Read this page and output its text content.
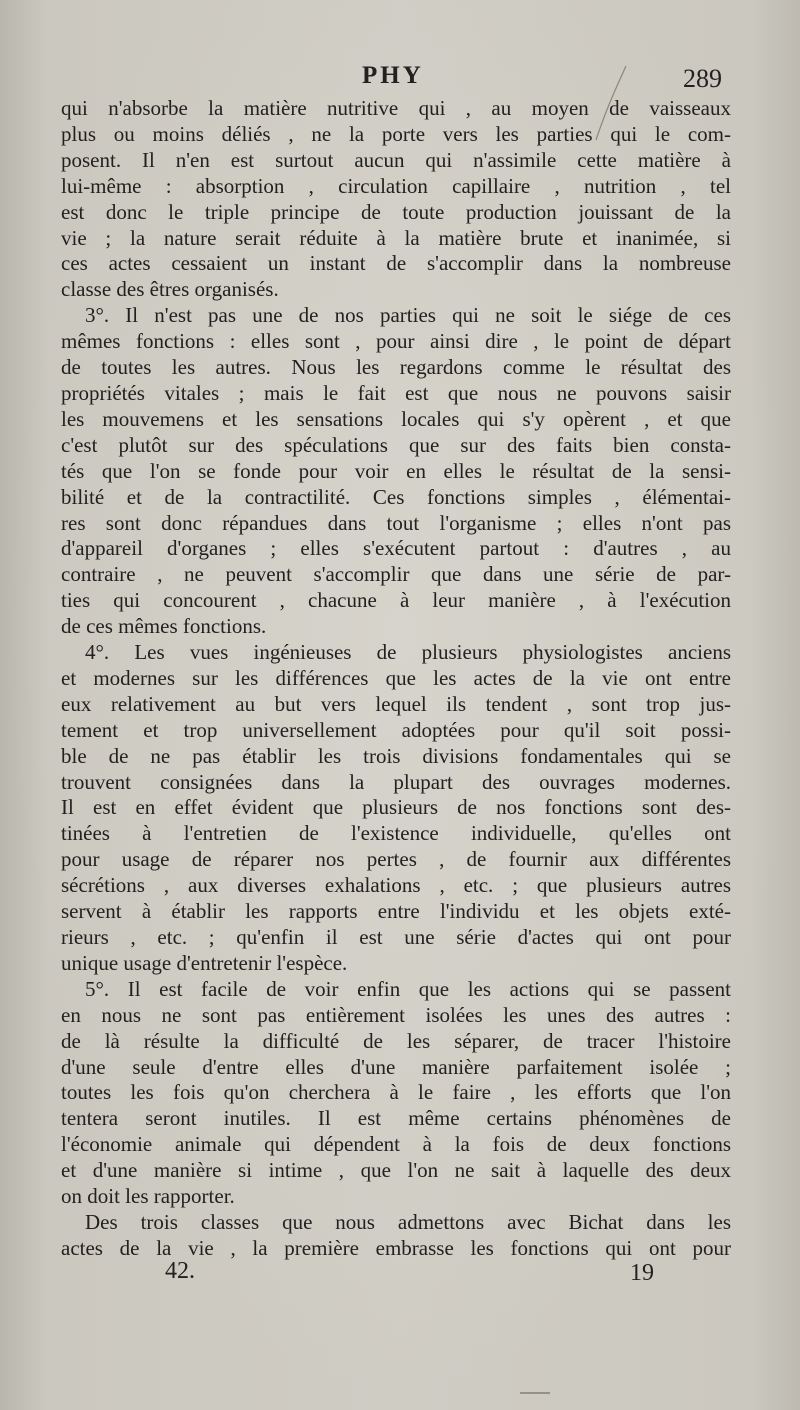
PHY	289
qui n'absorbe la matière nutritive qui , au moyen de vaisseaux
plus ou moins déliés , ne la porte vers les parties qui le com-
posent. Il n'en est surtout aucun qui n'assimile cette matière à
lui-même : absorption , circulation capillaire , nutrition , tel
est donc le triple principe de toute production jouissant de la
vie ; la nature serait réduite à la matière brute et inanimée, si
ces actes cessaient un instant de s'accomplir dans la nombreuse
classe des êtres organisés.
3°. Il n'est pas une de nos parties qui ne soit le siége de ces
mêmes fonctions : elles sont , pour ainsi dire , le point de départ
de toutes les autres. Nous les regardons comme le résultat des
propriétés vitales ; mais le fait est que nous ne pouvons saisir
les mouvemens et les sensations locales qui s'y opèrent , et que
c'est plutôt sur des spéculations que sur des faits bien consta-
tés que l'on se fonde pour voir en elles le résultat de la sensi-
bilité et de la contractilité. Ces fonctions simples , élémentai-
res sont donc répandues dans tout l'organisme ; elles n'ont pas
d'appareil d'organes ; elles s'exécutent partout : d'autres , au
contraire , ne peuvent s'accomplir que dans une série de par-
ties qui concourent , chacune à leur manière , à l'exécution
de ces mêmes fonctions.
4°. Les vues ingénieuses de plusieurs physiologistes anciens
et modernes sur les différences que les actes de la vie ont entre
eux relativement au but vers lequel ils tendent , sont trop jus-
tement et trop universellement adoptées pour qu'il soit possi-
ble de ne pas établir les trois divisions fondamentales qui se
trouvent consignées dans la plupart des ouvrages modernes.
Il est en effet évident que plusieurs de nos fonctions sont des-
tinées à l'entretien de l'existence individuelle, qu'elles ont
pour usage de réparer nos pertes , de fournir aux différentes
sécrétions , aux diverses exhalations , etc. ; que plusieurs autres
servent à établir les rapports entre l'individu et les objets exté-
rieurs , etc. ; qu'enfin il est une série d'actes qui ont pour
unique usage d'entretenir l'espèce.
5°. Il est facile de voir enfin que les actions qui se passent
en nous ne sont pas entièrement isolées les unes des autres :
de là résulte la difficulté de les séparer, de tracer l'histoire
d'une seule d'entre elles d'une manière parfaitement isolée ;
toutes les fois qu'on cherchera à le faire , les efforts que l'on
tentera seront inutiles. Il est même certains phénomènes de
l'économie animale qui dépendent à la fois de deux fonctions
et d'une manière si intime , que l'on ne sait à laquelle des deux
on doit les rapporter.
Des trois classes que nous admettons avec Bichat dans les
actes de la vie , la première embrasse les fonctions qui ont pour
42.	19
